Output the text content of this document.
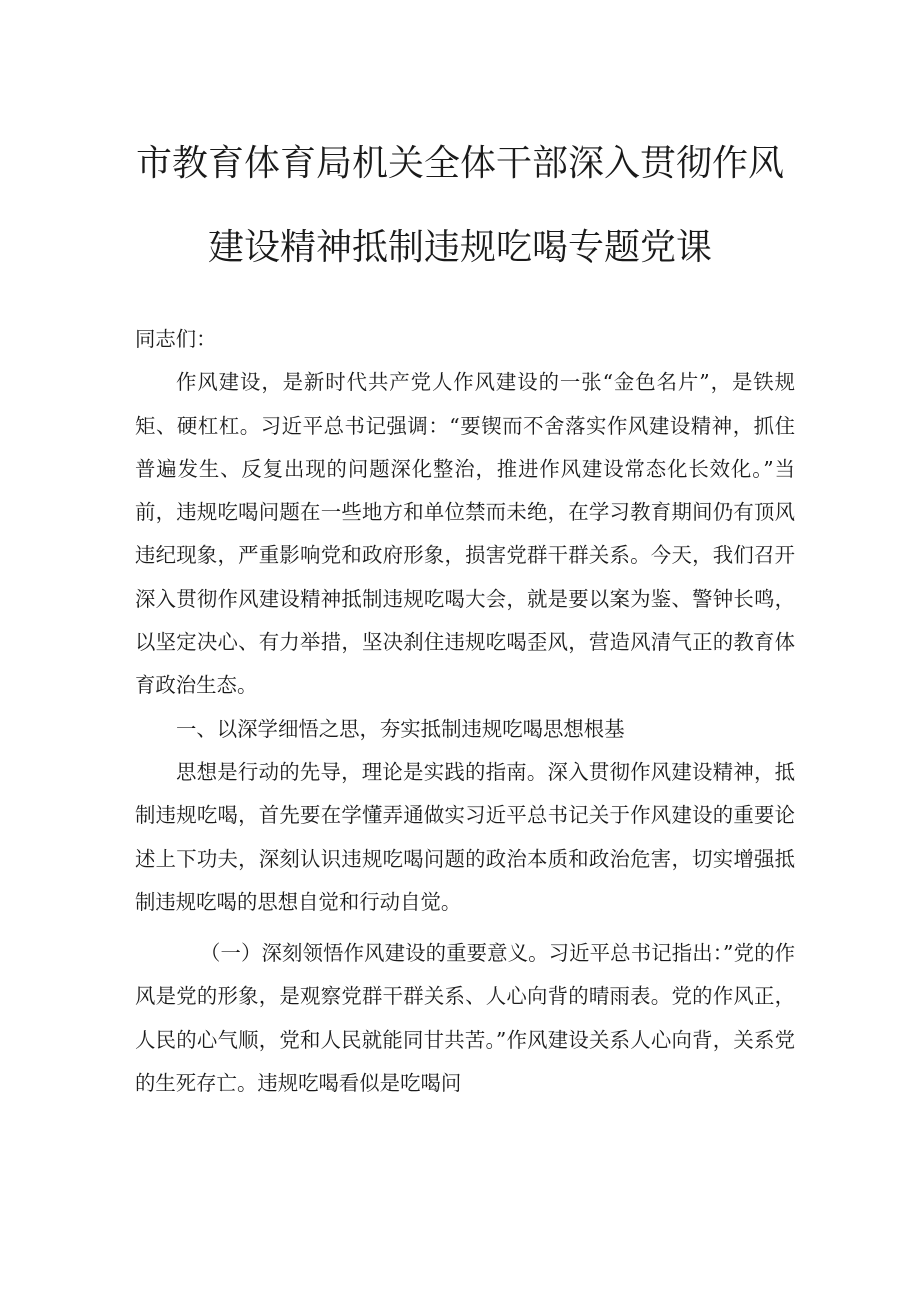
市教育体育局机关全体干部深入贯彻作风
建设精神抵制违规吃喝专题党课

同志们：

作风建设，是新时代共产党人作风建设的一张“金色名片”，是铁规矩、硬杠杠。习近平总书记强调：“要锲而不舍落实作风建设精神，抓住普遍发生、反复出现的问题深化整治，推进作风建设常态化长效化。”当前，违规吃喝问题在一些地方和单位禁而未绝，在学习教育期间仍有顶风违纪现象，严重影响党和政府形象，损害党群干群关系。今天，我们召开深入贯彻作风建设精神抵制违规吃喝大会，就是要以案为鉴、警钟长鸣，以坚定决心、有力举措，坚决刹住违规吃喝歪风，营造风清气正的教育体育政治生态。

一、以深学细悟之思，夯实抵制违规吃喝思想根基

思想是行动的先导，理论是实践的指南。深入贯彻作风建设精神，抵制违规吃喝，首先要在学懂弄通做实习近平总书记关于作风建设的重要论述上下功夫，深刻认识违规吃喝问题的政治本质和政治危害，切实增强抵制违规吃喝的思想自觉和行动自觉。

（一）深刻领悟作风建设的重要意义。习近平总书记指出：”党的作风是党的形象，是观察党群干群关系、人心向背的晴雨表。党的作风正，人民的心气顺，党和人民就能同甘共苦。”作风建设关系人心向背，关系党的生死存亡。违规吃喝看似是吃喝问
